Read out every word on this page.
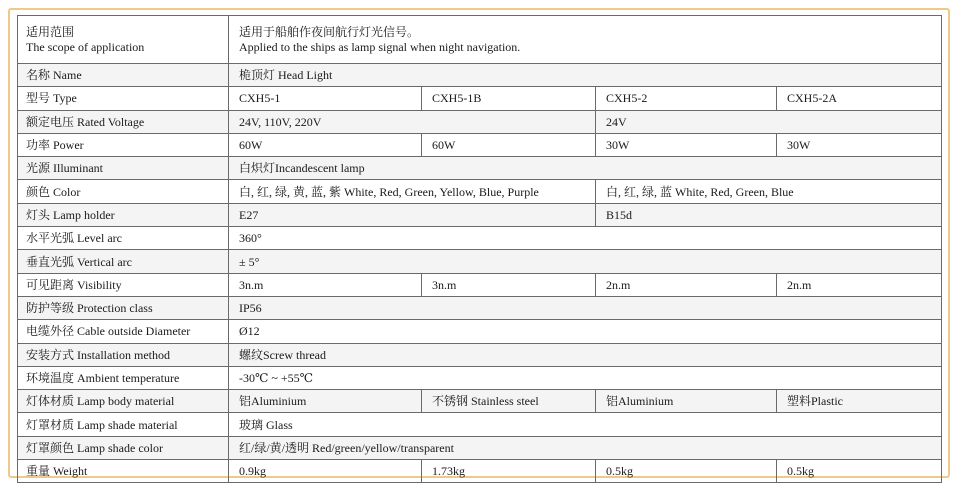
适用范围
The scope of application	适用于船舶作夜间航行灯光信号。
Applied to the ships as lamp signal when night navigation.			

名称 Name	桅顶灯 Head Light			
型号 Type	CXH5-1	CXH5-1B	CXH5-2	CXH5-2A
额定电压 Rated Voltage	24V, 110V, 220V		24V	
功率 Power	60W	60W	30W	30W
光源 Illuminant	白炽灯Incandescent lamp			
颜色 Color	白, 红, 绿, 黄, 蓝, 紫 White, Red, Green, Yellow, Blue, Purple		白, 红, 绿, 蓝 White, Red, Green, Blue	
灯头 Lamp holder	E27		B15d	
水平光弧 Level arc	360°			
垂直光弧 Vertical arc	± 5°			
可见距离 Visibility	3n.m	3n.m	2n.m	2n.m
防护等级 Protection class	IP56			
电缆外径 Cable outside Diameter	Ø12			
安装方式 Installation method	螺纹Screw thread			
环境温度 Ambient temperature	-30℃ ~ +55℃			
灯体材质 Lamp body material	铝Aluminium	不锈钢 Stainless steel	铝Aluminium	塑料Plastic
灯罩材质 Lamp shade material	玻璃 Glass			
灯罩颜色 Lamp shade color	红/绿/黄/透明 Red/green/yellow/transparent			
重量 Weight	0.9kg	1.73kg	0.5kg	0.5kg
